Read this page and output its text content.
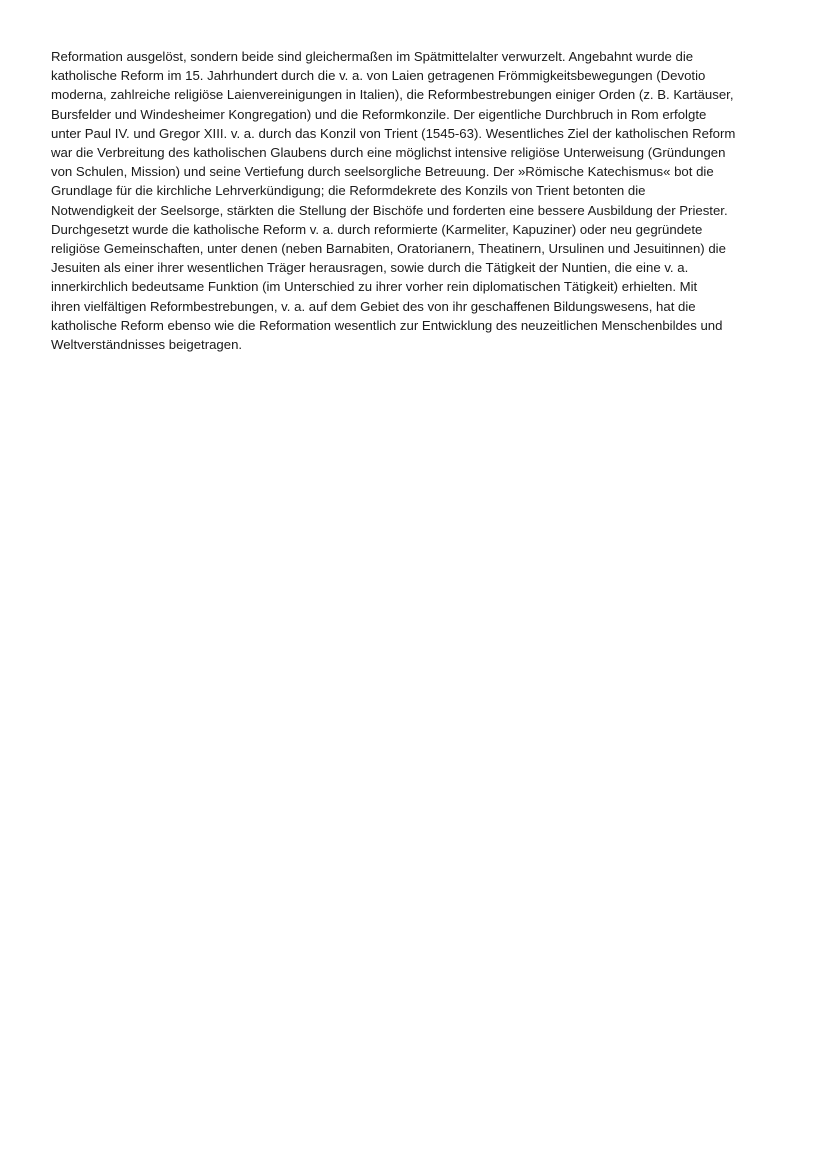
Reformation ausgelöst, sondern beide sind gleichermaßen im Spätmittelalter verwurzelt. Angebahnt wurde die
katholische Reform im 15. Jahrhundert durch die v. a. von Laien getragenen Frömmigkeitsbewegungen (Devotio
moderna, zahlreiche religiöse Laienvereinigungen in Italien), die Reformbestrebungen einiger Orden (z. B. Kartäuser,
Bursfelder und Windesheimer Kongregation) und die Reformkonzile. Der eigentliche Durchbruch in Rom erfolgte
unter Paul IV. und Gregor XIII. v. a. durch das Konzil von Trient (1545-63). Wesentliches Ziel der katholischen Reform
war die Verbreitung des katholischen Glaubens durch eine möglichst intensive religiöse Unterweisung (Gründungen
von Schulen, Mission) und seine Vertiefung durch seelsorgliche Betreuung. Der »Römische Katechismus« bot die
Grundlage für die kirchliche Lehrverkündigung; die Reformdekrete des Konzils von Trient betonten die
Notwendigkeit der Seelsorge, stärkten die Stellung der Bischöfe und forderten eine bessere Ausbildung der Priester.
Durchgesetzt wurde die katholische Reform v. a. durch reformierte (Karmeliter, Kapuziner) oder neu gegründete
religiöse Gemeinschaften, unter denen (neben Barnabiten, Oratorianern, Theatinern, Ursulinen und Jesuitinnen) die
Jesuiten als einer ihrer wesentlichen Träger herausragen, sowie durch die Tätigkeit der Nuntien, die eine v. a.
innerkirchlich bedeutsame Funktion (im Unterschied zu ihrer vorher rein diplomatischen Tätigkeit) erhielten. Mit
ihren vielfältigen Reformbestrebungen, v. a. auf dem Gebiet des von ihr geschaffenen Bildungswesens, hat die
katholische Reform ebenso wie die Reformation wesentlich zur Entwicklung des neuzeitlichen Menschenbildes und
Weltverständnisses beigetragen.
